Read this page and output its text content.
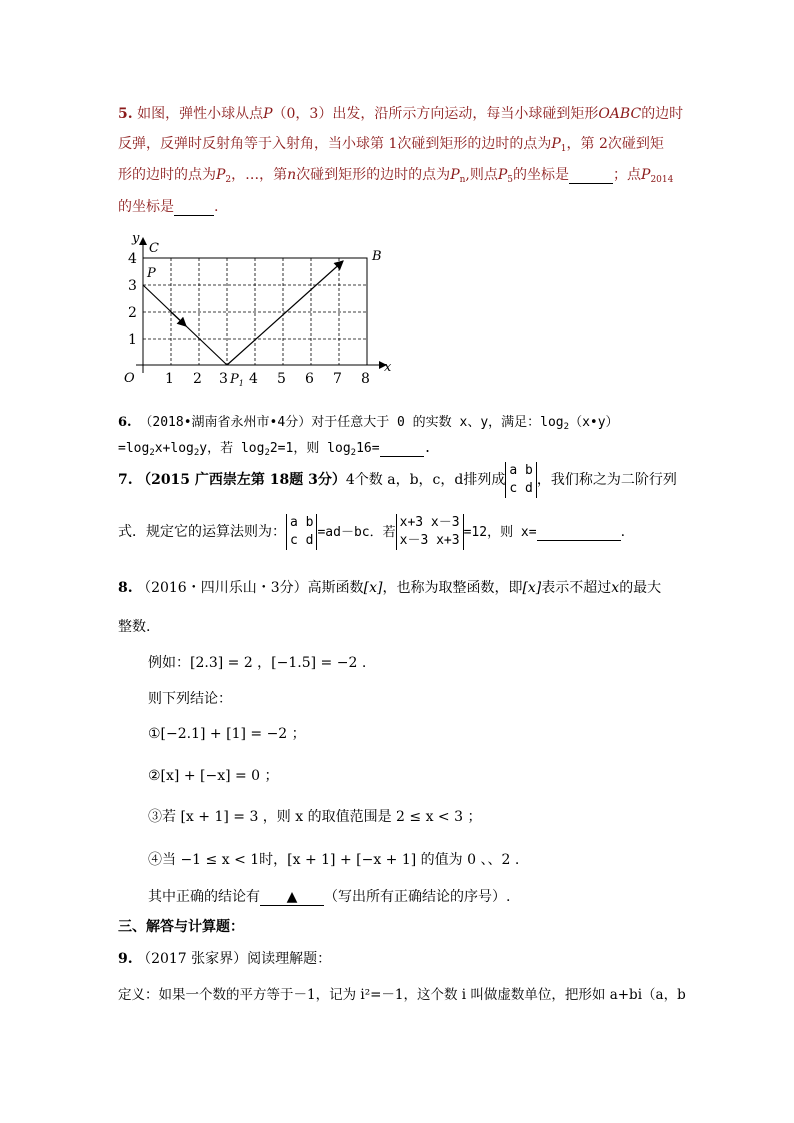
5. 如图，弹性小球从点P（0，3）出发，沿所示方向运动，每当小球碰到矩形OABC的边时
反弹，反弹时反射角等于入射角，当小球第 1次碰到矩形的边时的点为$P_1$，第 2次碰到矩
形的边时的点为$P_2$，…，第n次碰到矩形的边时的点为$P_n$,则点$P_5$的坐标是	；点$P_{2014}$
的坐标是	.
y
x
C
B
P
O	$P_1$
4
3
2
1
1 2 3 4 5 6 7 8
6. （2018•湖南省永州市•4分）对于任意大于 0 的实数 x、y，满足：$\log_2(x•y)$
$=\log_2x+\log_2y$，若 $\log_22=1$，则 $\log_216=$	.
7. （2015 广西崇左第 18题 3分）4个数 a，b，c，d排列成
a b
c d
，我们称之为二阶行列
式．规定它的运算法则为：
a b
c d
=ad－bc．若
x+3 x－3
x－3 x+3
=12，则 x=	.
8. （2016・四川乐山・3分）高斯函数[x]，也称为取整函数，即[x]表示不超过x的最大
整数.
例如：[2.3] = 2 ，[−1.5] = −2 .
则下列结论：
①[−2.1] + [1] = −2 ；
②[x] + [−x] = 0 ；
③若 [x + 1] = 3 ，则 x 的取值范围是 2 ≤ x < 3 ；
④当 −1 ≤ x < 1时，[x + 1] + [−x + 1] 的值为 0 、、2 .
其中正确的结论有 ▲ （写出所有正确结论的序号）.
三、解答与计算题：
9. （2017 张家界）阅读理解题：
定义：如果一个数的平方等于－1，记为 i²=－1，这个数 i 叫做虚数单位，把形如 a+bi（a，b
